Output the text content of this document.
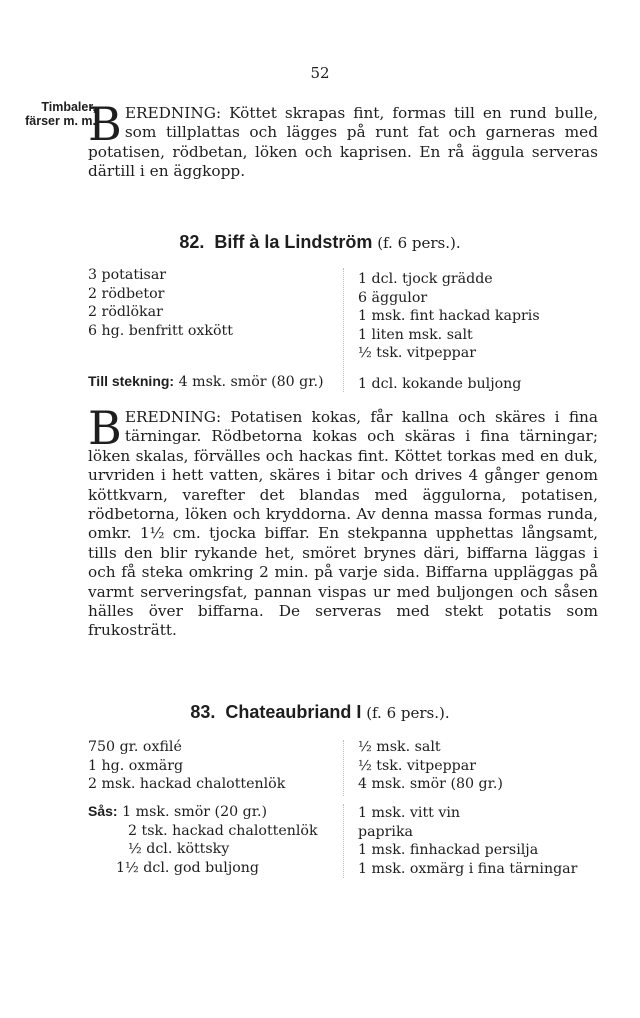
52
Timbaler,
färser m. m.
BEREDNING: Köttet skrapas fint, formas till en rund bulle, som tillplattas och lägges på runt fat och garneras med potatisen, rödbetan, löken och kaprisen. En rå äggula serveras därtill i en äggkopp.
82. Biff à la Lindström (f. 6 pers.).
3 potatisar
2 rödbetor
2 rödlökar
6 hg. benfritt oxkött
1 dcl. tjock grädde
6 äggulor
1 msk. fint hackad kapris
1 liten msk. salt
½ tsk. vitpeppar
Till stekning: 4 msk. smör (80 gr.) 1 dcl. kokande buljong
BEREDNING: Potatisen kokas, får kallna och skäres i fina tärningar. Rödbetorna kokas och skäras i fina tärningar; löken skalas, förvälles och hackas fint. Köttet torkas med en duk, urvriden i hett vatten, skäres i bitar och drives 4 gånger genom köttkvarn, varefter det blandas med äggulorna, potatisen, rödbetorna, löken och kryddorna. Av denna massa formas runda, omkr. 1½ cm. tjocka biffar. En stekpanna upphettas långsamt, tills den blir rykande het, smöret brynes däri, biffarna läggas i och få steka omkring 2 min. på varje sida. Biffarna uppläggas på varmt serveringsfat, pannan vispas ur med buljongen och såsen hälles över biffarna. De serveras med stekt potatis som frukosträtt.
83. Chateaubriand I (f. 6 pers.).
750 gr. oxfilé
1 hg. oxmärg
2 msk. hackad chalottenlök
½ msk. salt
½ tsk. vitpeppar
4 msk. smör (80 gr.)
Sås: 1 msk. smör (20 gr.)
2 tsk. hackad chalottenlök
½ dcl. köttsky
1½ dcl. god buljong
1 msk. vitt vin
paprika
1 msk. finhackad persilja
1 msk. oxmärg i fina tärningar
